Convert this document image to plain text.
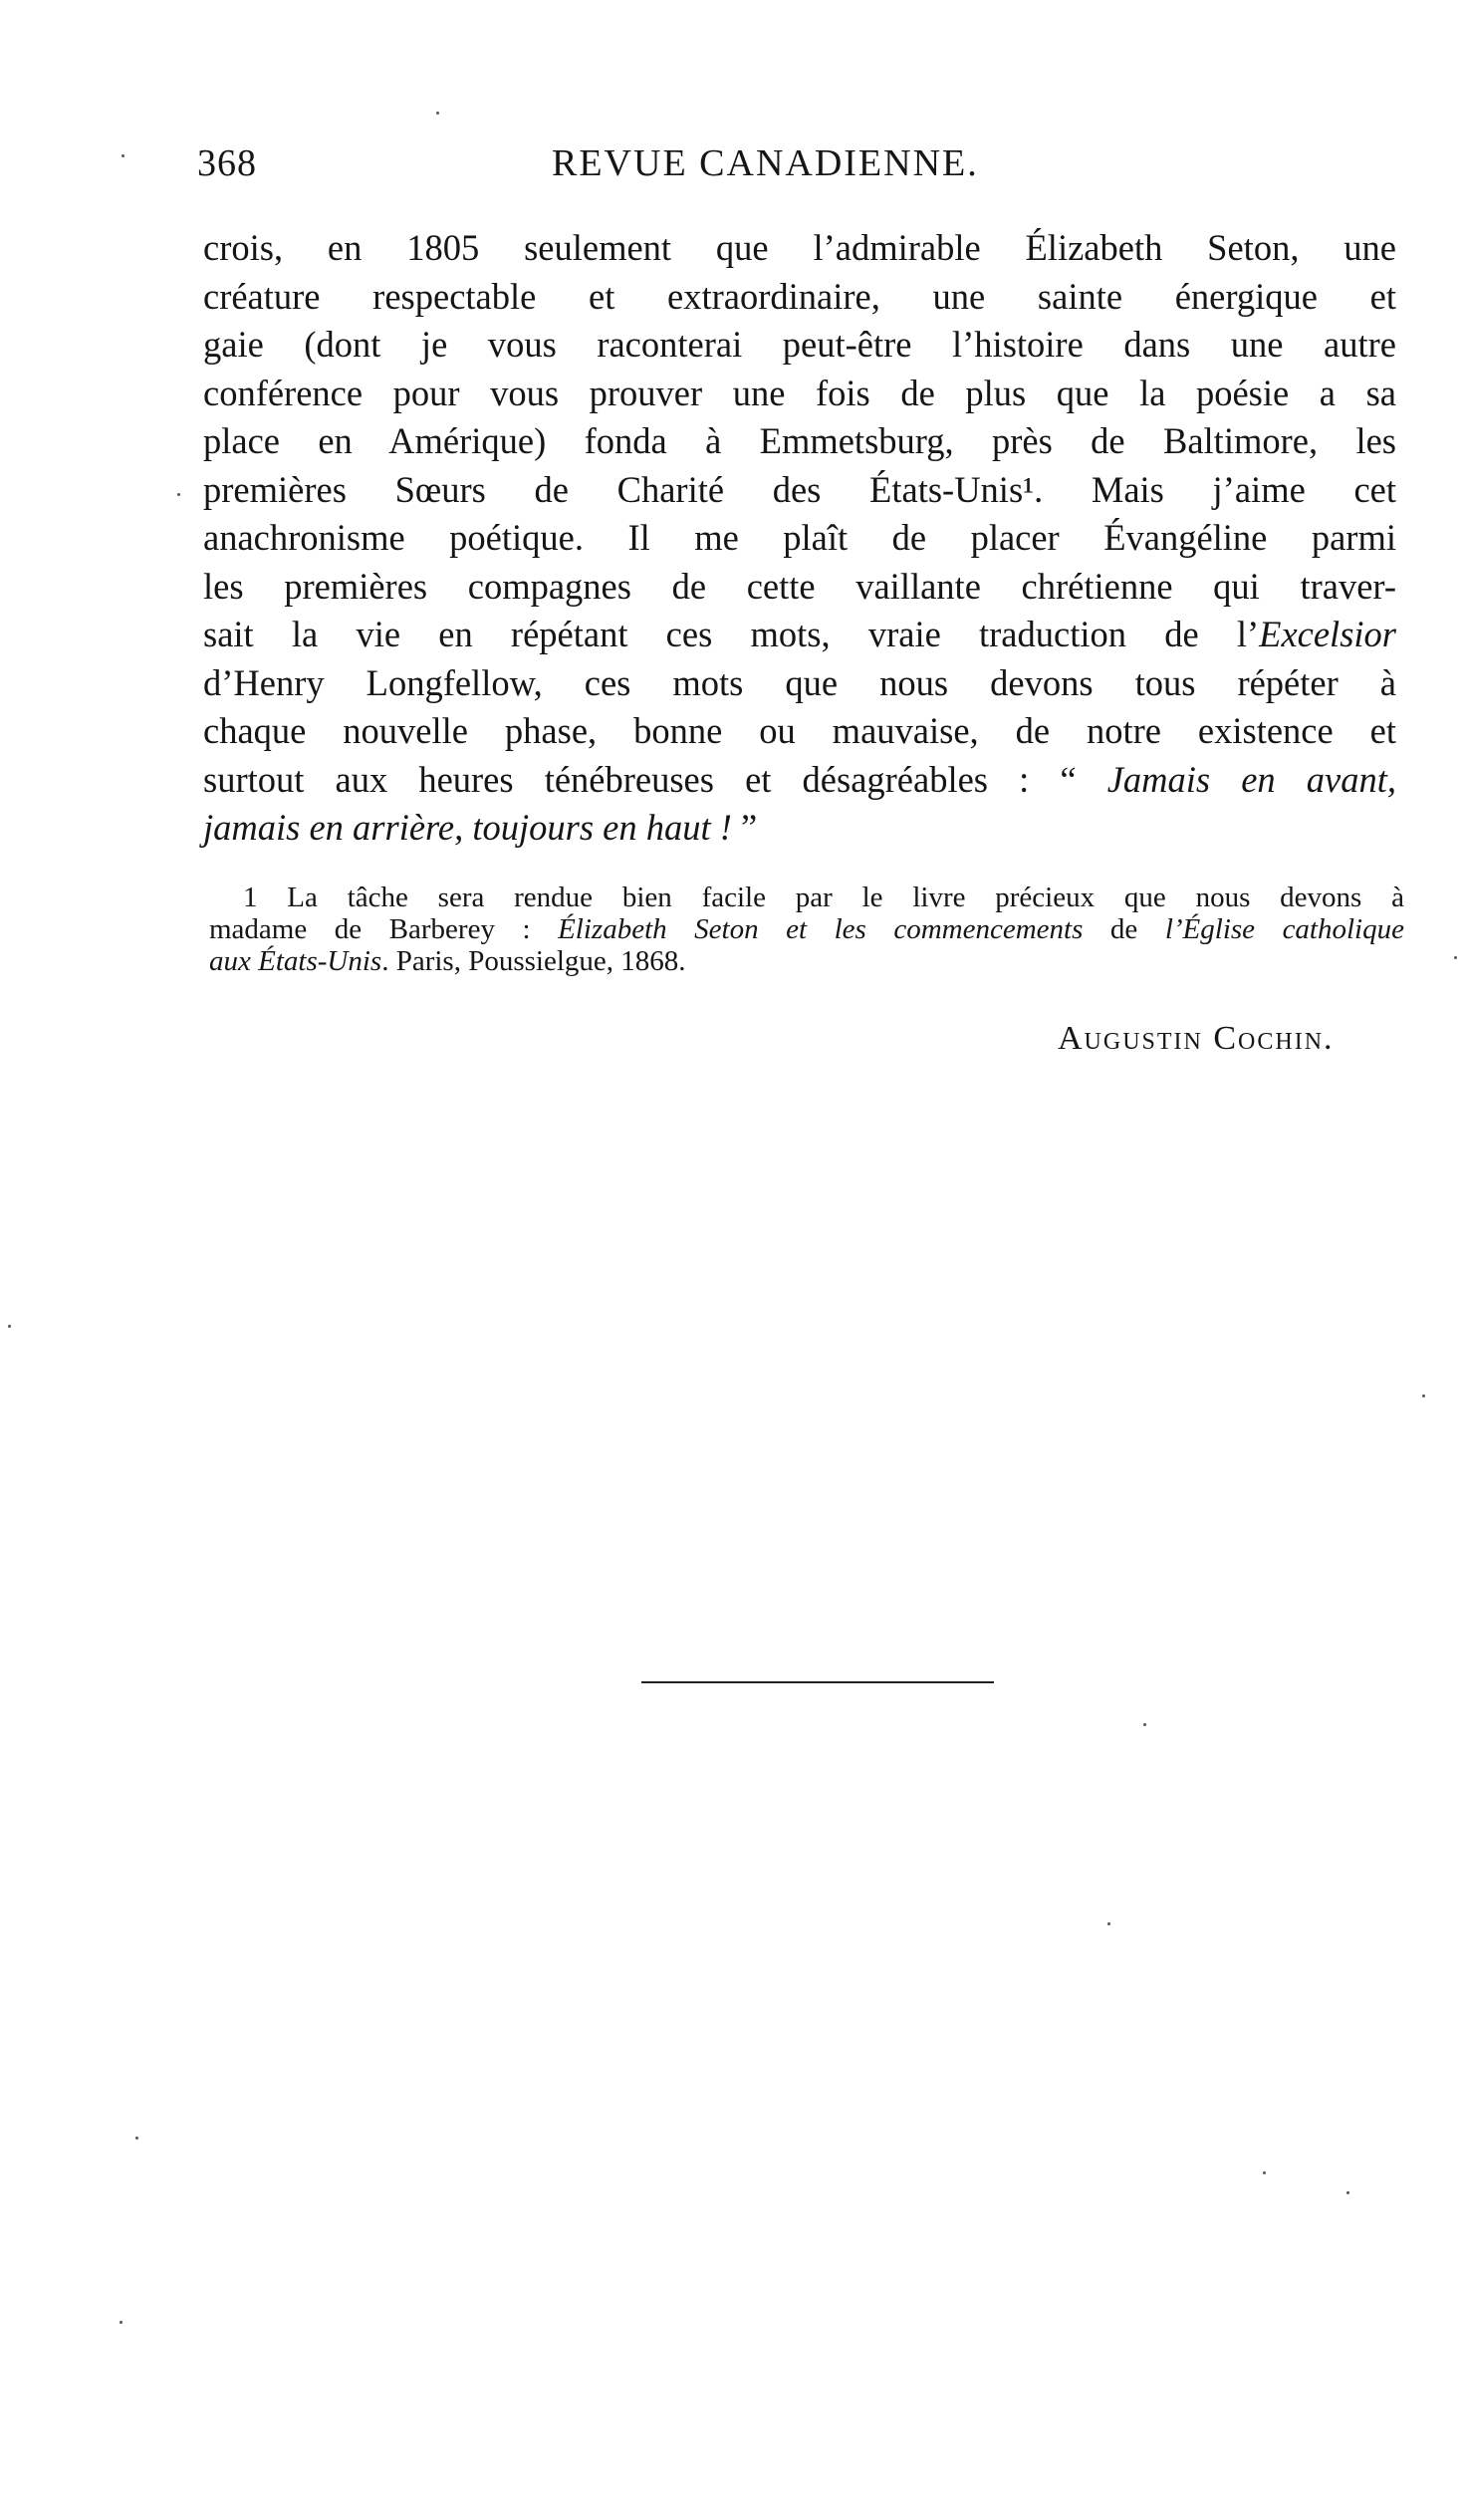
368	REVUE CANADIENNE.
crois, en 1805 seulement que l’admirable Élizabeth Seton, une
créature respectable et extraordinaire, une sainte énergique et
gaie (dont je vous raconterai peut-être l’histoire dans une autre
conférence pour vous prouver une fois de plus que la poésie a sa
place en Amérique) fonda à Emmetsburg, près de Baltimore, les
premières Sœurs de Charité des États-Unis¹. Mais j’aime cet
anachronisme poétique. Il me plaît de placer Évangéline parmi
les premières compagnes de cette vaillante chrétienne qui traver-
sait la vie en répétant ces mots, vraie traduction de l’Excelsior
d’Henry Longfellow, ces mots que nous devons tous répéter à
chaque nouvelle phase, bonne ou mauvaise, de notre existence et
surtout aux heures ténébreuses et désagréables : “ Jamais en avant,
jamais en arrière, toujours en haut ! ”
1 La tâche sera rendue bien facile par le livre précieux que nous devons à
madame de Barberey : Élizabeth Seton et les commencements de l’Église catholique
aux États-Unis. Paris, Poussielgue, 1868.
Augustin Cochin.
